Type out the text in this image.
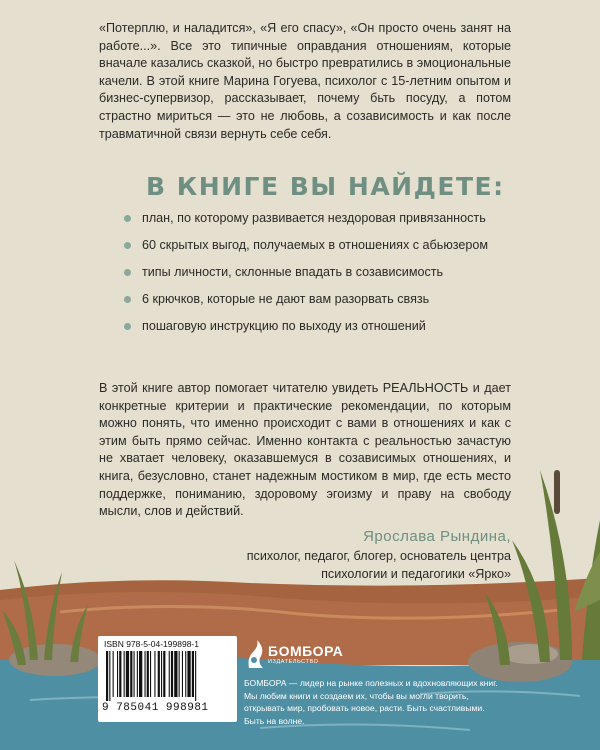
«Потерплю, и наладится», «Я его спасу», «Он просто очень занят на работе...». Все это типичные оправдания отношениям, которые вначале казались сказкой, но быстро превратились в эмоциональные качели. В этой книге Марина Гогуева, психолог с 15-летним опытом и бизнес-супервизор, рассказывает, почему бьть посуду, а потом страстно мириться — это не любовь, а созависимость и как после травматичной связи вернуть себе себя.

В КНИГЕ ВЫ НАЙДЕТЕ:
план, по которому развивается нездоровая привязанность
60 скрытых выгод, получаемых в отношениях с абьюзером
типы личности, склонные впадать в созависимость
6 крючков, которые не дают вам разорвать связь
пошаговую инструкцию по выходу из отношений

В этой книге автор помогает читателю увидеть РЕАЛЬНОСТЬ и дает конкретные критерии и практические рекомендации, по которым можно понять, что именно происходит с вами в отношениях и как с этим быть прямо сейчас. Именно контакта с реальностью зачастую не хватает человеку, оказавшемуся в созависимых отношениях, и книга, безусловно, станет надежным мостиком в мир, где есть место поддержке, пониманию, здоровому эгоизму и праву на свободу мысли, слов и действий.

Ярослава Рындина,

психолог, педагог, блогер, основатель центра психологии и педагогики «Ярко»

ISBN 978-5-04-199898-1
9 785041 998981

БОМБОРА

ИЗДАТЕЛЬСТВО

БОМБОРА — лидер на рынке полезных и вдохновляющих книг. Мы любим книги и создаем их, чтобы вы могли творить, открывать мир, пробовать новое, расти. Быть счастливыми. Быть на волне.
